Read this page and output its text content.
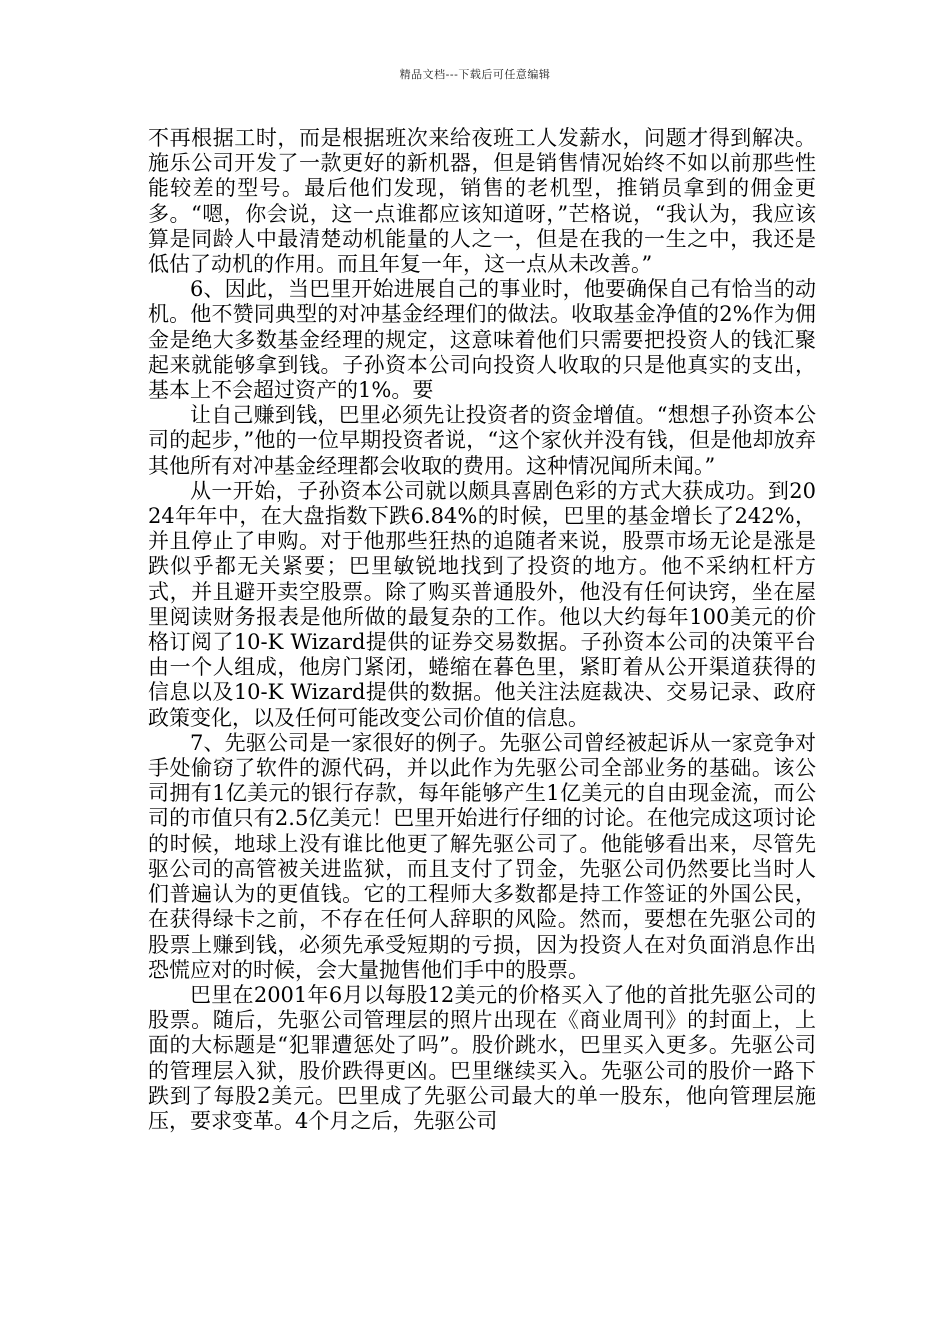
精品文档---下载后可任意编辑

不再根据工时，而是根据班次来给夜班工人发薪水，问题才得到解决。施乐公司开发了一款更好的新机器，但是销售情况始终不如以前那些性能较差的型号。最后他们发现，销售的老机型，推销员拿到的佣金更多。“嗯，你会说，这一点谁都应该知道呀，”芒格说，“我认为，我应该算是同龄人中最清楚动机能量的人之一，但是在我的一生之中，我还是低估了动机的作用。而且年复一年，这一点从未改善。”

6、因此，当巴里开始进展自己的事业时，他要确保自己有恰当的动机。他不赞同典型的对冲基金经理们的做法。收取基金净值的2%作为佣金是绝大多数基金经理的规定，这意味着他们只需要把投资人的钱汇聚起来就能够拿到钱。子孙资本公司向投资人收取的只是他真实的支出，基本上不会超过资产的1%。要

让自己赚到钱，巴里必须先让投资者的资金增值。“想想子孙资本公司的起步，”他的一位早期投资者说，“这个家伙并没有钱，但是他却放弃其他所有对冲基金经理都会收取的费用。这种情况闻所未闻。”

从一开始，子孙资本公司就以颇具喜剧色彩的方式大获成功。到2024年年中，在大盘指数下跌6.84%的时候，巴里的基金增长了242%，并且停止了申购。对于他那些狂热的追随者来说，股票市场无论是涨是跌似乎都无关紧要；巴里敏锐地找到了投资的地方。他不采纳杠杆方式，并且避开卖空股票。除了购买普通股外，他没有任何诀窍，坐在屋里阅读财务报表是他所做的最复杂的工作。他以大约每年100美元的价格订阅了10-K Wizard提供的证券交易数据。子孙资本公司的决策平台由一个人组成，他房门紧闭，蜷缩在暮色里，紧盯着从公开渠道获得的信息以及10-K Wizard提供的数据。他关注法庭裁决、交易记录、政府政策变化，以及任何可能改变公司价值的信息。

7、先驱公司是一家很好的例子。先驱公司曾经被起诉从一家竞争对手处偷窃了软件的源代码，并以此作为先驱公司全部业务的基础。该公司拥有1亿美元的银行存款，每年能够产生1亿美元的自由现金流，而公司的市值只有2.5亿美元！巴里开始进行仔细的讨论。在他完成这项讨论的时候，地球上没有谁比他更了解先驱公司了。他能够看出来，尽管先驱公司的高管被关进监狱，而且支付了罚金，先驱公司仍然要比当时人们普遍认为的更值钱。它的工程师大多数都是持工作签证的外国公民，在获得绿卡之前，不存在任何人辞职的风险。然而，要想在先驱公司的股票上赚到钱，必须先承受短期的亏损，因为投资人在对负面消息作出恐慌应对的时候，会大量抛售他们手中的股票。

巴里在2001年6月以每股12美元的价格买入了他的首批先驱公司的股票。随后，先驱公司管理层的照片出现在《商业周刊》的封面上，上面的大标题是“犯罪遭惩处了吗”。股价跳水，巴里买入更多。先驱公司的管理层入狱，股价跌得更凶。巴里继续买入。先驱公司的股价一路下跌到了每股2美元。巴里成了先驱公司最大的单一股东，他向管理层施压，要求变革。4个月之后，先驱公司
